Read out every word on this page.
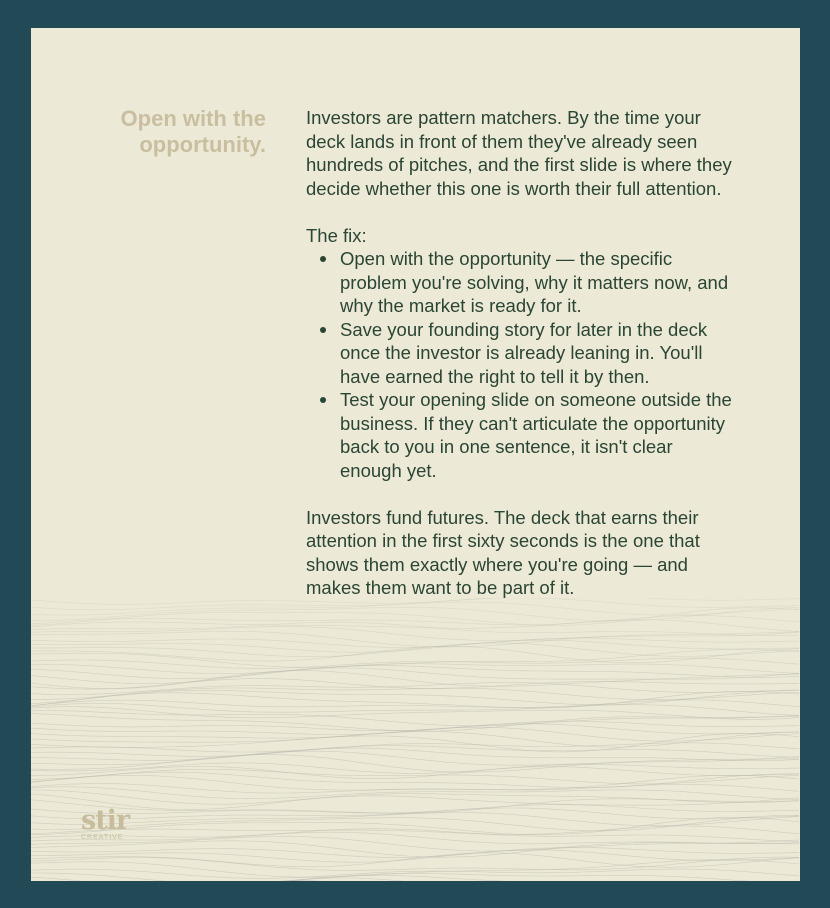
Open with the
opportunity.

Investors are pattern matchers. By the time your deck lands in front of them they've already seen hundreds of pitches, and the first slide is where they decide whether this one is worth their full attention.

The fix:

Open with the opportunity — the specific problem you're solving, why it matters now, and why the market is ready for it.
Save your founding story for later in the deck once the investor is already leaning in. You'll have earned the right to tell it by then.
Test your opening slide on someone outside the business. If they can't articulate the opportunity back to you in one sentence, it isn't clear enough yet.

Investors fund futures. The deck that earns their attention in the first sixty seconds is the one that shows them exactly where you're going — and makes them want to be part of it.

stir
CREATIVE
